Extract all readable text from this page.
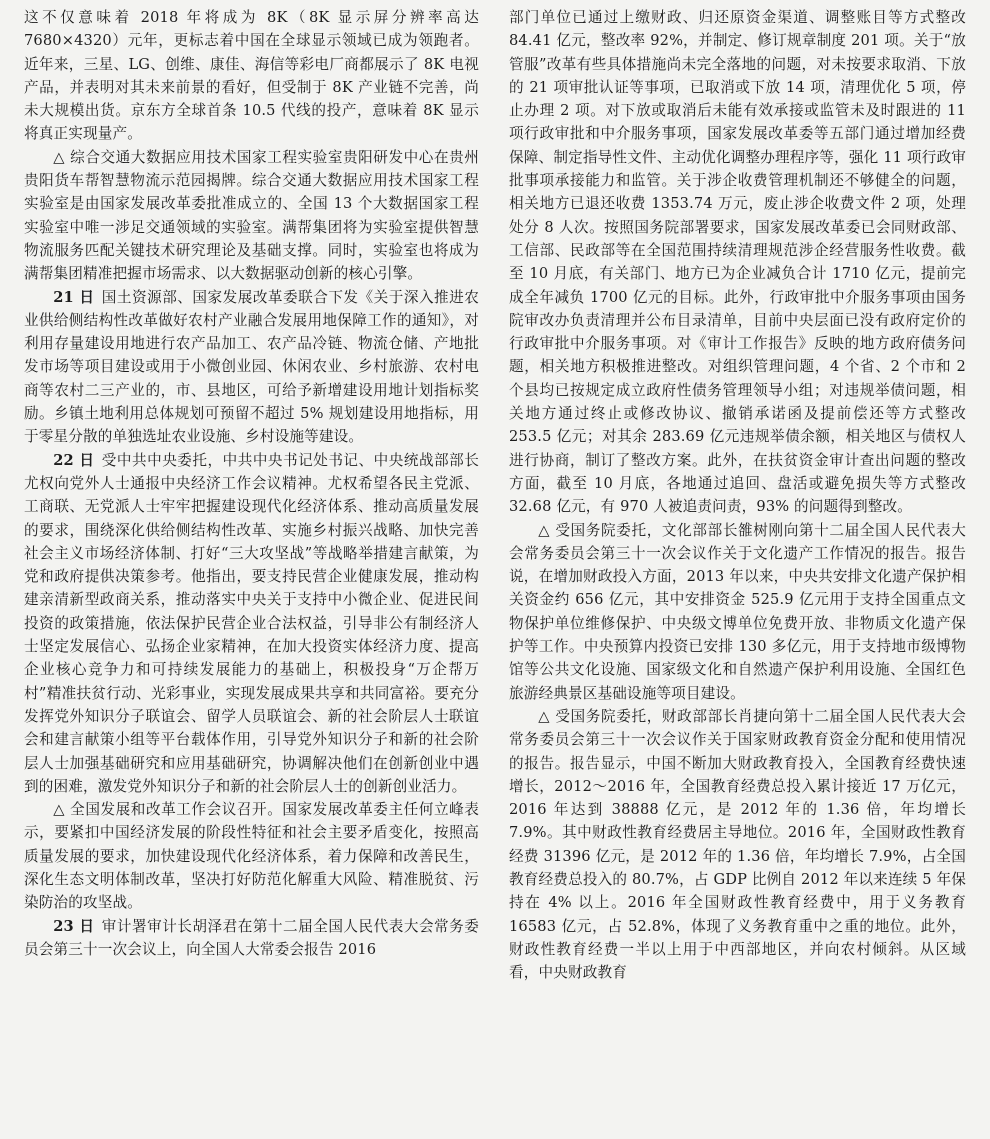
这不仅意味着 2018 年将成为 8K（8K 显示屏分辨率高达 7680×4320）元年，更标志着中国在全球显示领域已成为领跑者。近年来，三星、LG、创维、康佳、海信等彩电厂商都展示了 8K 电视产品，并表明对其未来前景的看好，但受制于 8K 产业链不完善，尚未大规模出货。京东方全球首条 10.5 代线的投产，意味着 8K 显示将真正实现量产。

△ 综合交通大数据应用技术国家工程实验室贵阳研发中心在贵州贵阳货车帮智慧物流示范园揭牌。综合交通大数据应用技术国家工程实验室是由国家发展改革委批准成立的、全国 13 个大数据国家工程实验室中唯一涉足交通领域的实验室。满帮集团将为实验室提供智慧物流服务匹配关键技术研究理论及基础支撑。同时，实验室也将成为满帮集团精准把握市场需求、以大数据驱动创新的核心引擎。

21 日 国土资源部、国家发展改革委联合下发《关于深入推进农业供给侧结构性改革做好农村产业融合发展用地保障工作的通知》，对利用存量建设用地进行农产品加工、农产品冷链、物流仓储、产地批发市场等项目建设或用于小微创业园、休闲农业、乡村旅游、农村电商等农村二三产业的，市、县地区，可给予新增建设用地计划指标奖励。乡镇土地利用总体规划可预留不超过 5% 规划建设用地指标，用于零星分散的单独选址农业设施、乡村设施等建设。

22 日 受中共中央委托，中共中央书记处书记、中央统战部部长尤权向党外人士通报中央经济工作会议精神。尤权希望各民主党派、工商联、无党派人士牢牢把握建设现代化经济体系、推动高质量发展的要求，围绕深化供给侧结构性改革、实施乡村振兴战略、加快完善社会主义市场经济体制、打好“三大攻坚战”等战略举措建言献策，为党和政府提供决策参考。他指出，要支持民营企业健康发展，推动构建亲清新型政商关系，推动落实中央关于支持中小微企业、促进民间投资的政策措施，依法保护民营企业合法权益，引导非公有制经济人士坚定发展信心、弘扬企业家精神，在加大投资实体经济力度、提高企业核心竞争力和可持续发展能力的基础上，积极投身“万企帮万村”精准扶贫行动、光彩事业，实现发展成果共享和共同富裕。要充分发挥党外知识分子联谊会、留学人员联谊会、新的社会阶层人士联谊会和建言献策小组等平台载体作用，引导党外知识分子和新的社会阶层人士加强基础研究和应用基础研究，协调解决他们在创新创业中遇到的困难，激发党外知识分子和新的社会阶层人士的创新创业活力。

△ 全国发展和改革工作会议召开。国家发展改革委主任何立峰表示，要紧扣中国经济发展的阶段性特征和社会主要矛盾变化，按照高质量发展的要求，加快建设现代化经济体系，着力保障和改善民生，深化生态文明体制改革，坚决打好防范化解重大风险、精准脱贫、污染防治的攻坚战。

23 日 审计署审计长胡泽君在第十二届全国人民代表大会常务委员会第三十一次会议上，向全国人大常委会报告 2016

部门单位已通过上缴财政、归还原资金渠道、调整账目等方式整改 84.41 亿元，整改率 92%，并制定、修订规章制度 201 项。关于“放管服”改革有些具体措施尚未完全落地的问题，对未按要求取消、下放的 21 项审批认证等事项，已取消或下放 14 项，清理优化 5 项，停止办理 2 项。对下放或取消后未能有效承接或监管未及时跟进的 11 项行政审批和中介服务事项，国家发展改革委等五部门通过增加经费保障、制定指导性文件、主动优化调整办理程序等，强化 11 项行政审批事项承接能力和监管。关于涉企收费管理机制还不够健全的问题，相关地方已退还收费 1353.74 万元，废止涉企收费文件 2 项，处理处分 8 人次。按照国务院部署要求，国家发展改革委已会同财政部、工信部、民政部等在全国范围持续清理规范涉企经营服务性收费。截至 10 月底，有关部门、地方已为企业减负合计 1710 亿元，提前完成全年减负 1700 亿元的目标。此外，行政审批中介服务事项由国务院审改办负责清理并公布目录清单，目前中央层面已没有政府定价的行政审批中介服务事项。对《审计工作报告》反映的地方政府债务问题，相关地方积极推进整改。对组织管理问题，4 个省、2 个市和 2 个县均已按规定成立政府性债务管理领导小组；对违规举债问题，相关地方通过终止或修改协议、撤销承诺函及提前偿还等方式整改 253.5 亿元；对其余 283.69 亿元违规举债余额，相关地区与债权人进行协商，制订了整改方案。此外，在扶贫资金审计查出问题的整改方面，截至 10 月底，各地通过追回、盘活或避免损失等方式整改 32.68 亿元，有 970 人被追责问责，93% 的问题得到整改。

△ 受国务院委托，文化部部长雒树刚向第十二届全国人民代表大会常务委员会第三十一次会议作关于文化遗产工作情况的报告。报告说，在增加财政投入方面，2013 年以来，中央共安排文化遗产保护相关资金约 656 亿元，其中安排资金 525.9 亿元用于支持全国重点文物保护单位维修保护、中央级文博单位免费开放、非物质文化遗产保护等工作。中央预算内投资已安排 130 多亿元，用于支持地市级博物馆等公共文化设施、国家级文化和自然遗产保护利用设施、全国红色旅游经典景区基础设施等项目建设。

△ 受国务院委托，财政部部长肖捷向第十二届全国人民代表大会常务委员会第三十一次会议作关于国家财政教育资金分配和使用情况的报告。报告显示，中国不断加大财政教育投入，全国教育经费快速增长，2012～2016 年，全国教育经费总投入累计接近 17 万亿元，2016 年达到 38888 亿元，是 2012 年的 1.36 倍，年均增长 7.9%。其中财政性教育经费居主导地位。2016 年，全国财政性教育经费 31396 亿元，是 2012 年的 1.36 倍，年均增长 7.9%，占全国教育经费总投入的 80.7%，占 GDP 比例自 2012 年以来连续 5 年保持在 4% 以上。2016 年全国财政性教育经费中，用于义务教育 16583 亿元，占 52.8%，体现了义务教育重中之重的地位。此外，财政性教育经费一半以上用于中西部地区，并向农村倾斜。从区域看，中央财政教育
